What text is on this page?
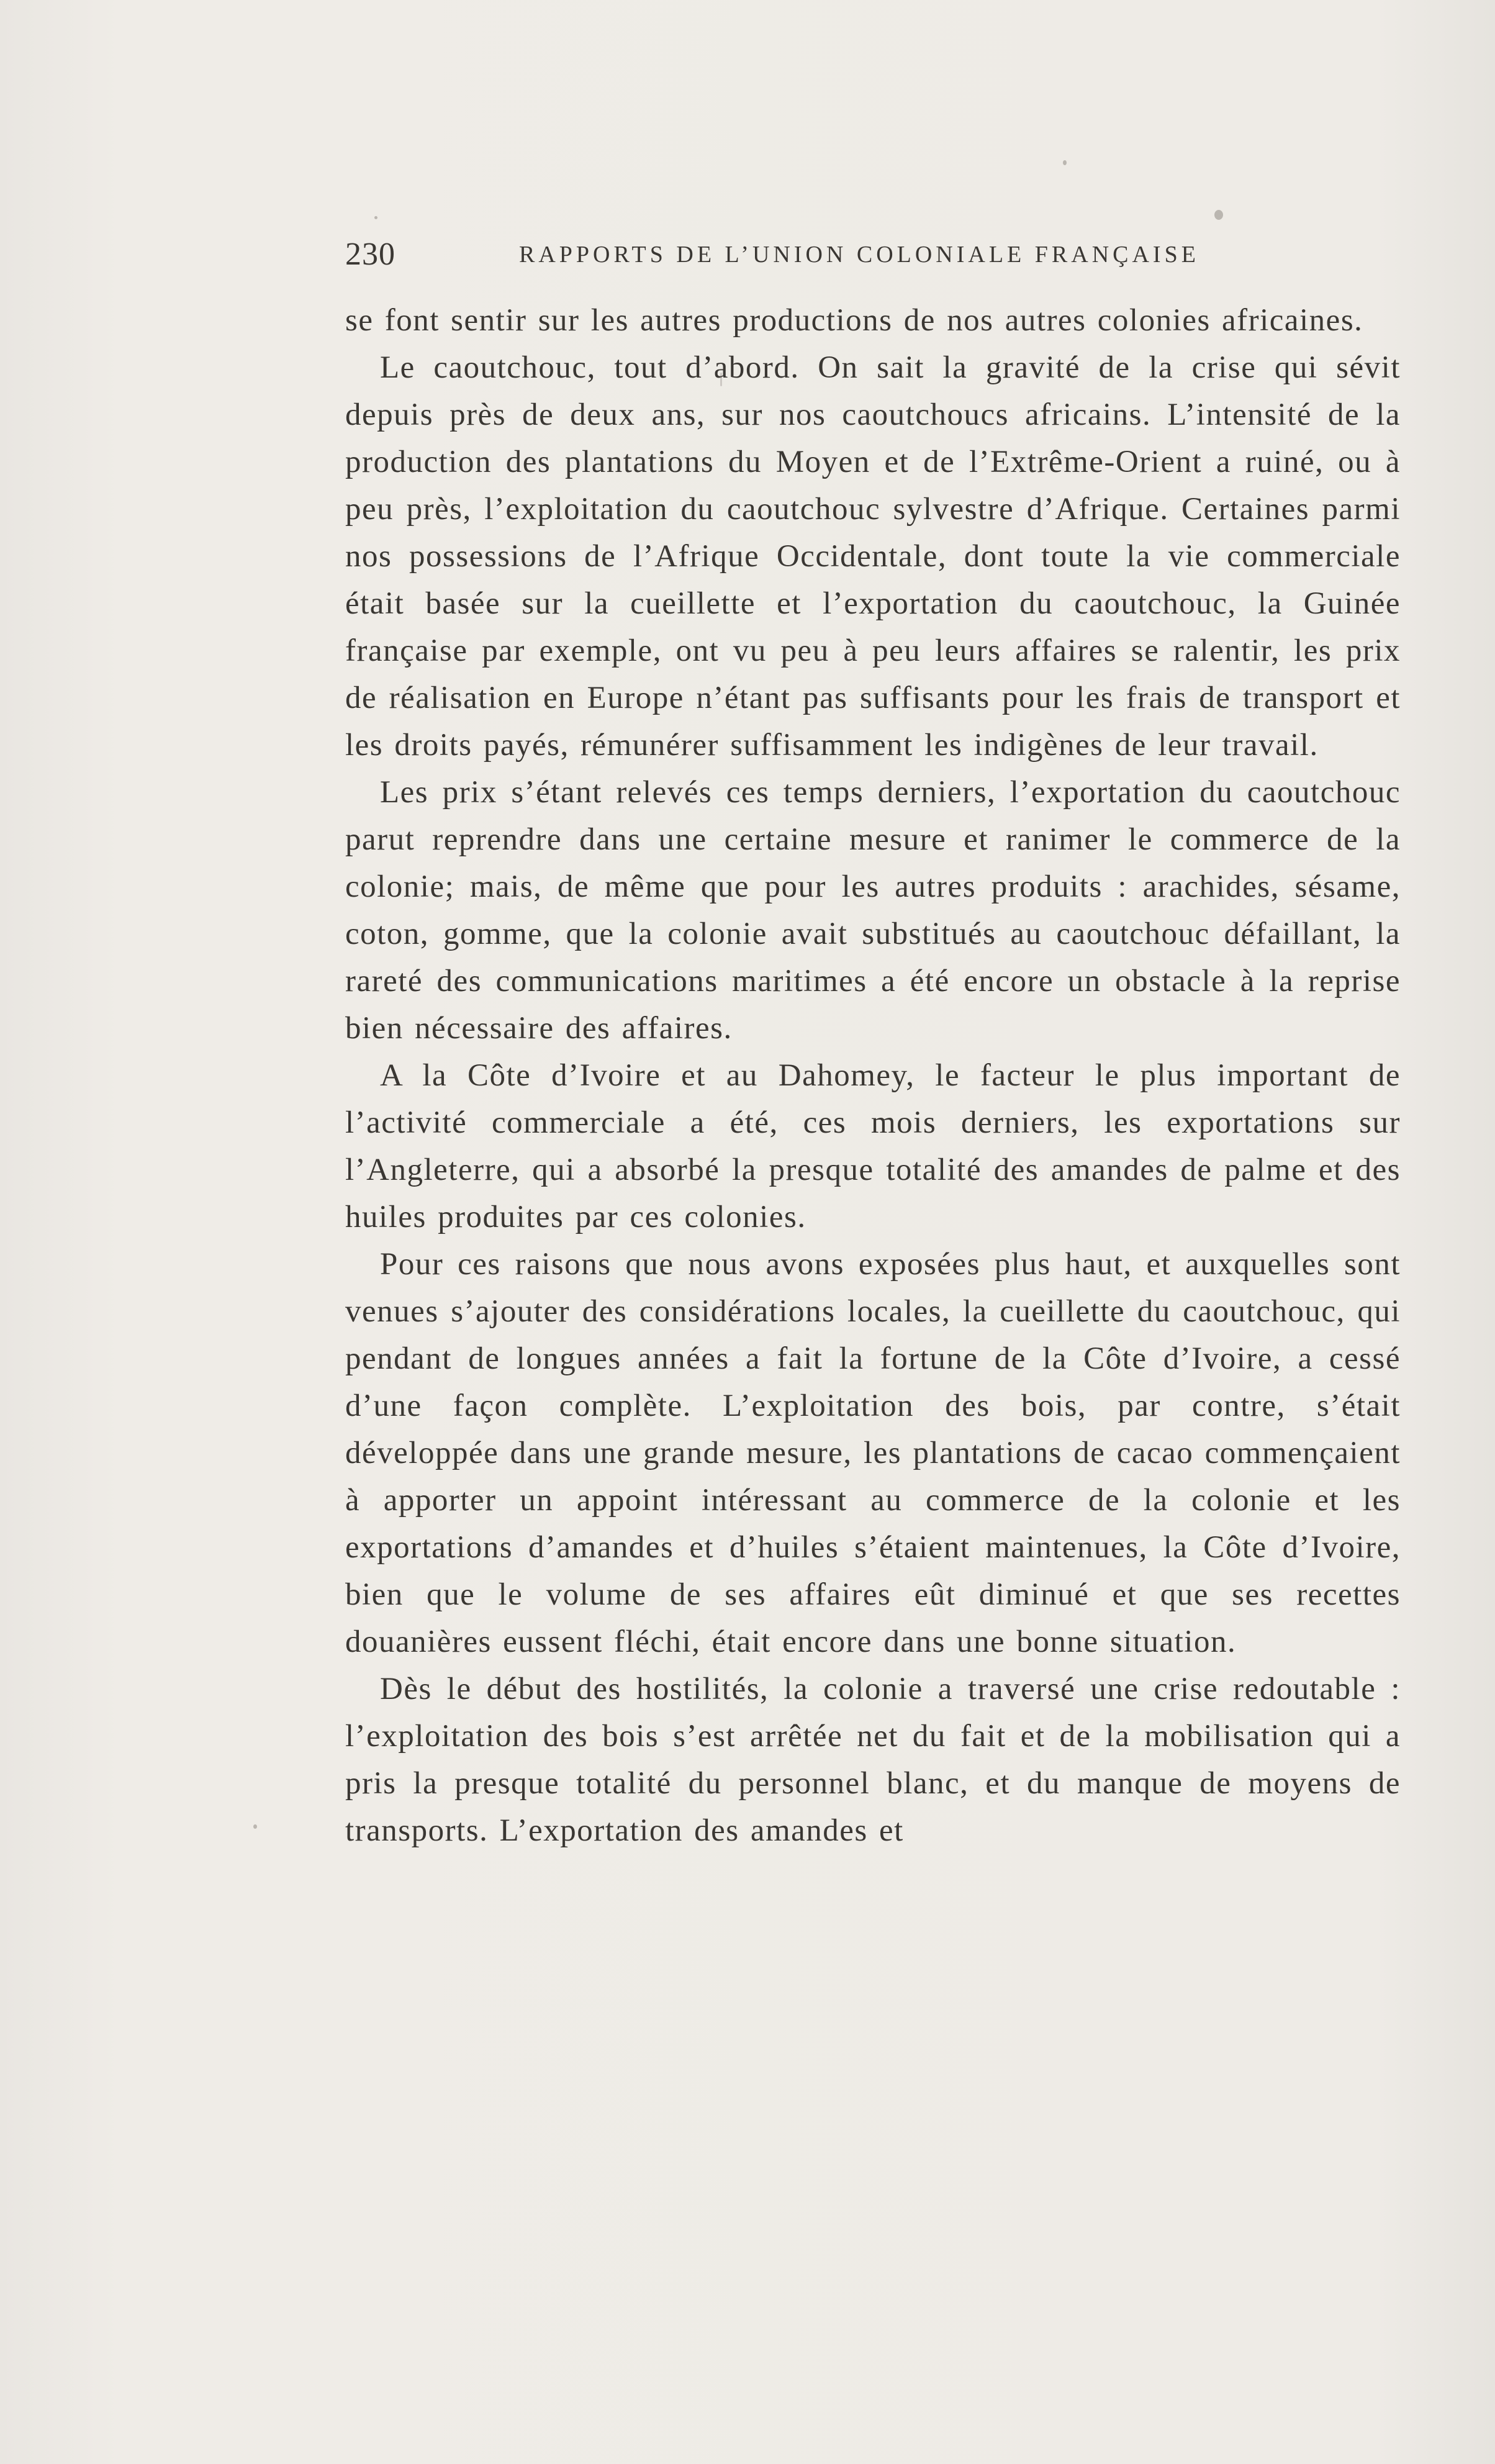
230	RAPPORTS DE L’UNION COLONIALE FRANÇAISE

se font sentir sur les autres productions de nos autres colonies africaines.

Le caoutchouc, tout d’abord. On sait la gravité de la crise qui sévit depuis près de deux ans, sur nos caoutchoucs africains. L’intensité de la production des plantations du Moyen et de l’Extrême-Orient a ruiné, ou à peu près, l’exploitation du caoutchouc sylvestre d’Afrique. Certaines parmi nos possessions de l’Afrique Occidentale, dont toute la vie commerciale était basée sur la cueillette et l’exportation du caoutchouc, la Guinée française par exemple, ont vu peu à peu leurs affaires se ralentir, les prix de réalisation en Europe n’étant pas suffisants pour les frais de transport et les droits payés, rémunérer suffisamment les indigènes de leur travail.

Les prix s’étant relevés ces temps derniers, l’exportation du caoutchouc parut reprendre dans une certaine mesure et ranimer le commerce de la colonie; mais, de même que pour les autres produits : arachides, sésame, coton, gomme, que la colonie avait substitués au caoutchouc défaillant, la rareté des communications maritimes a été encore un obstacle à la reprise bien nécessaire des affaires.

A la Côte d’Ivoire et au Dahomey, le facteur le plus important de l’activité commerciale a été, ces mois derniers, les exportations sur l’Angleterre, qui a absorbé la presque totalité des amandes de palme et des huiles produites par ces colonies.

Pour ces raisons que nous avons exposées plus haut, et auxquelles sont venues s’ajouter des considérations locales, la cueillette du caoutchouc, qui pendant de longues années a fait la fortune de la Côte d’Ivoire, a cessé d’une façon complète. L’exploitation des bois, par contre, s’était développée dans une grande mesure, les plantations de cacao commençaient à apporter un appoint intéressant au commerce de la colonie et les exportations d’amandes et d’huiles s’étaient maintenues, la Côte d’Ivoire, bien que le volume de ses affaires eût diminué et que ses recettes douanières eussent fléchi, était encore dans une bonne situation.

Dès le début des hostilités, la colonie a traversé une crise redoutable : l’exploitation des bois s’est arrêtée net du fait et de la mobilisation qui a pris la presque totalité du personnel blanc, et du manque de moyens de transports. L’exportation des amandes et
